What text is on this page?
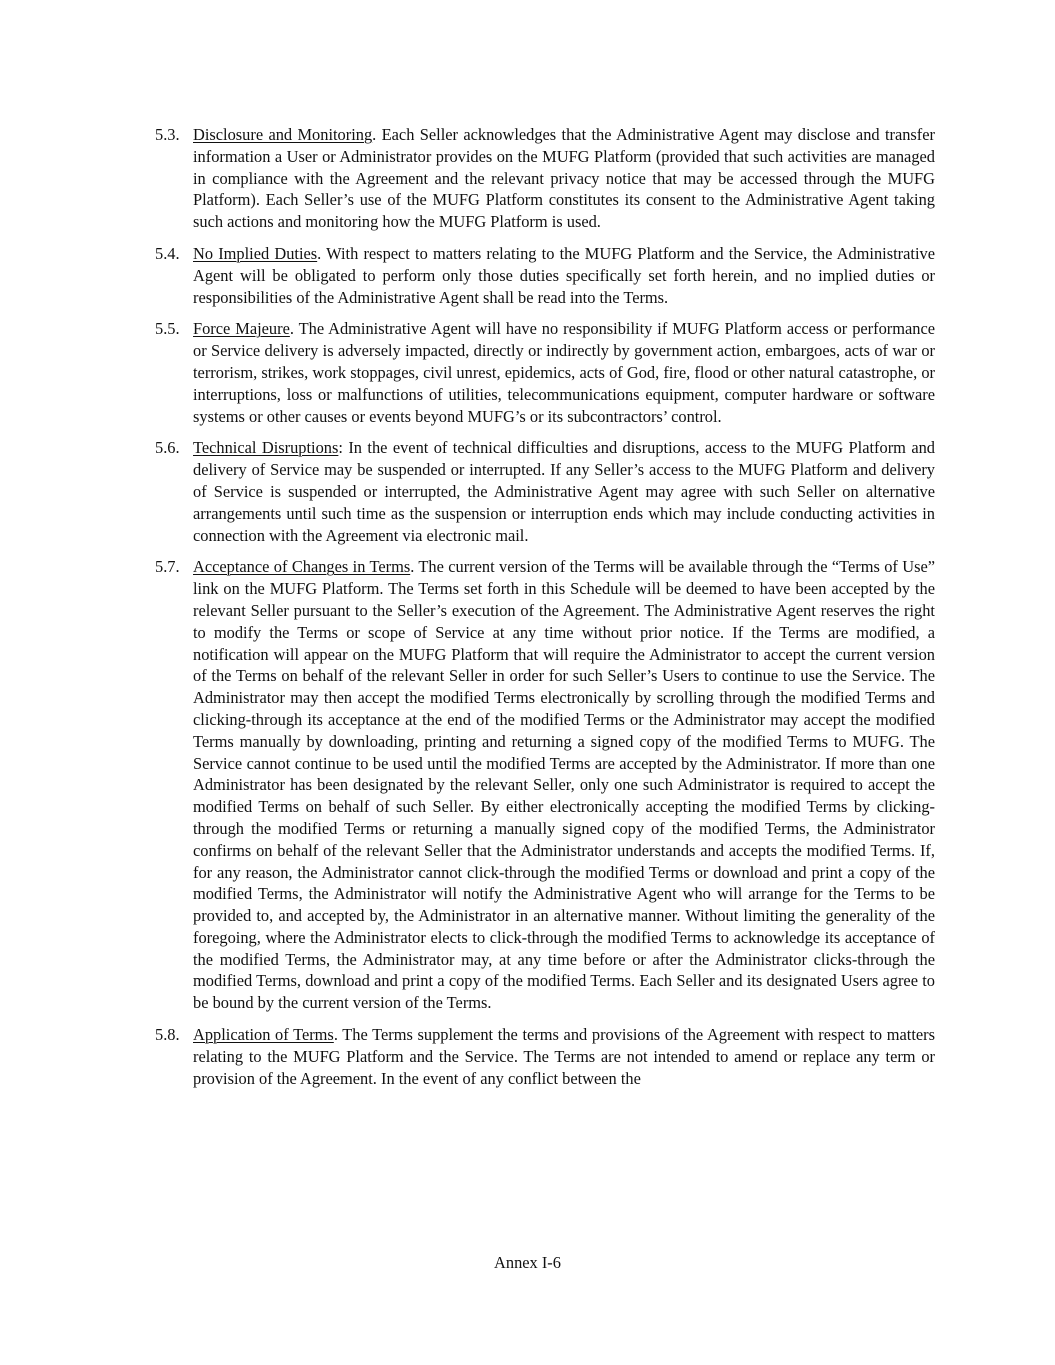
5.3. Disclosure and Monitoring. Each Seller acknowledges that the Administrative Agent may disclose and transfer information a User or Administrator provides on the MUFG Platform (provided that such activities are managed in compliance with the Agreement and the relevant privacy notice that may be accessed through the MUFG Platform). Each Seller’s use of the MUFG Platform constitutes its consent to the Administrative Agent taking such actions and monitoring how the MUFG Platform is used.
5.4. No Implied Duties. With respect to matters relating to the MUFG Platform and the Service, the Administrative Agent will be obligated to perform only those duties specifically set forth herein, and no implied duties or responsibilities of the Administrative Agent shall be read into the Terms.
5.5. Force Majeure. The Administrative Agent will have no responsibility if MUFG Platform access or performance or Service delivery is adversely impacted, directly or indirectly by government action, embargoes, acts of war or terrorism, strikes, work stoppages, civil unrest, epidemics, acts of God, fire, flood or other natural catastrophe, or interruptions, loss or malfunctions of utilities, telecommunications equipment, computer hardware or software systems or other causes or events beyond MUFG’s or its subcontractors’ control.
5.6. Technical Disruptions: In the event of technical difficulties and disruptions, access to the MUFG Platform and delivery of Service may be suspended or interrupted. If any Seller’s access to the MUFG Platform and delivery of Service is suspended or interrupted, the Administrative Agent may agree with such Seller on alternative arrangements until such time as the suspension or interruption ends which may include conducting activities in connection with the Agreement via electronic mail.
5.7. Acceptance of Changes in Terms. The current version of the Terms will be available through the “Terms of Use” link on the MUFG Platform. The Terms set forth in this Schedule will be deemed to have been accepted by the relevant Seller pursuant to the Seller’s execution of the Agreement. The Administrative Agent reserves the right to modify the Terms or scope of Service at any time without prior notice. If the Terms are modified, a notification will appear on the MUFG Platform that will require the Administrator to accept the current version of the Terms on behalf of the relevant Seller in order for such Seller’s Users to continue to use the Service. The Administrator may then accept the modified Terms electronically by scrolling through the modified Terms and clicking-through its acceptance at the end of the modified Terms or the Administrator may accept the modified Terms manually by downloading, printing and returning a signed copy of the modified Terms to MUFG. The Service cannot continue to be used until the modified Terms are accepted by the Administrator. If more than one Administrator has been designated by the relevant Seller, only one such Administrator is required to accept the modified Terms on behalf of such Seller. By either electronically accepting the modified Terms by clicking-through the modified Terms or returning a manually signed copy of the modified Terms, the Administrator confirms on behalf of the relevant Seller that the Administrator understands and accepts the modified Terms. If, for any reason, the Administrator cannot click-through the modified Terms or download and print a copy of the modified Terms, the Administrator will notify the Administrative Agent who will arrange for the Terms to be provided to, and accepted by, the Administrator in an alternative manner. Without limiting the generality of the foregoing, where the Administrator elects to click-through the modified Terms to acknowledge its acceptance of the modified Terms, the Administrator may, at any time before or after the Administrator clicks-through the modified Terms, download and print a copy of the modified Terms. Each Seller and its designated Users agree to be bound by the current version of the Terms.
5.8. Application of Terms. The Terms supplement the terms and provisions of the Agreement with respect to matters relating to the MUFG Platform and the Service. The Terms are not intended to amend or replace any term or provision of the Agreement. In the event of any conflict between the
Annex I-6
